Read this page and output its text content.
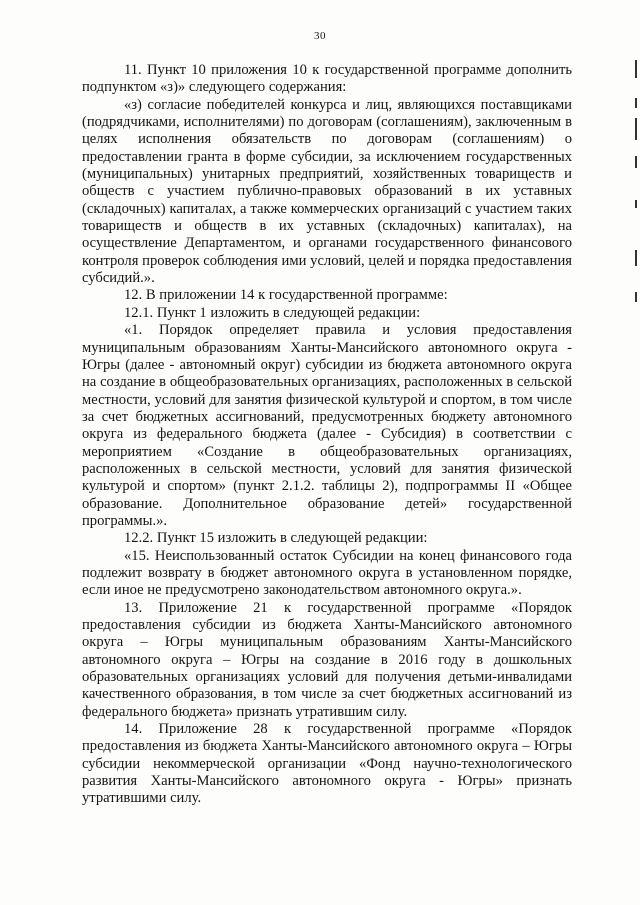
30

11. Пункт 10 приложения 10 к государственной программе дополнить подпунктом «з)» следующего содержания:

«з) согласие победителей конкурса и лиц, являющихся поставщиками (подрядчиками, исполнителями) по договорам (соглашениям), заключенным в целях исполнения обязательств по договорам (соглашениям) о предоставлении гранта в форме субсидии, за исключением государственных (муниципальных) унитарных предприятий, хозяйственных товариществ и обществ с участием публично-правовых образований в их уставных (складочных) капиталах, а также коммерческих организаций с участием таких товариществ и обществ в их уставных (складочных) капиталах), на осуществление Департаментом, и органами государственного финансового контроля проверок соблюдения ими условий, целей и порядка предоставления субсидий.».

12. В приложении 14 к государственной программе:

12.1. Пункт 1 изложить в следующей редакции:

«1. Порядок определяет правила и условия предоставления муниципальным образованиям Ханты-Мансийского автономного округа - Югры (далее - автономный округ) субсидии из бюджета автономного округа на создание в общеобразовательных организациях, расположенных в сельской местности, условий для занятия физической культурой и спортом, в том числе за счет бюджетных ассигнований, предусмотренных бюджету автономного округа из федерального бюджета (далее - Субсидия) в соответствии с мероприятием «Создание в общеобразовательных организациях, расположенных в сельской местности, условий для занятия физической культурой и спортом» (пункт 2.1.2. таблицы 2), подпрограммы II «Общее образование. Дополнительное образование детей» государственной программы.».

12.2. Пункт 15 изложить в следующей редакции:

«15. Неиспользованный остаток Субсидии на конец финансового года подлежит возврату в бюджет автономного округа в установленном порядке, если иное не предусмотрено законодательством автономного округа.».

13. Приложение 21 к государственной программе «Порядок предоставления субсидии из бюджета Ханты-Мансийского автономного округа – Югры муниципальным образованиям Ханты-Мансийского автономного округа – Югры на создание в 2016 году в дошкольных образовательных организациях условий для получения детьми-инвалидами качественного образования, в том числе за счет бюджетных ассигнований из федерального бюджета» признать утратившим силу.

14. Приложение 28 к государственной программе «Порядок предоставления из бюджета Ханты-Мансийского автономного округа – Югры субсидии некоммерческой организации «Фонд научно-технологического развития Ханты-Мансийского автономного округа - Югры» признать утратившими силу.
